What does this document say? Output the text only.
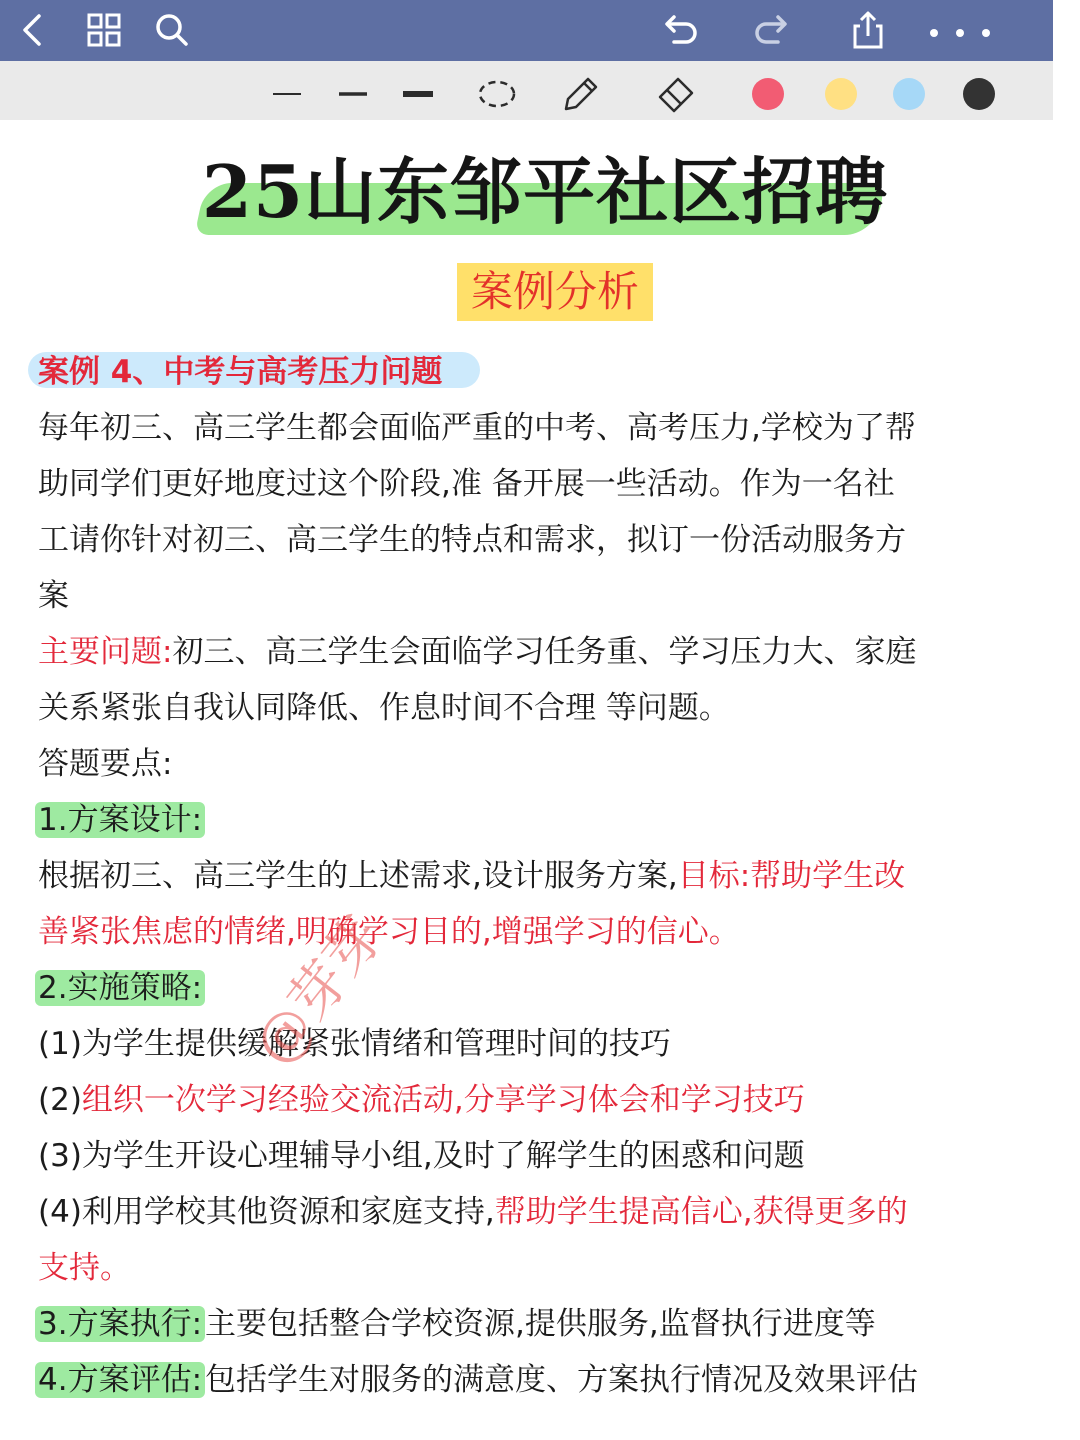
25山东邹平社区招聘
案例分析
案例 4、中考与高考压力问题
每年初三、高三学生都会面临严重的中考、高考压力,学校为了帮
助同学们更好地度过这个阶段,准 备开展一些活动。作为一名社
工请你针对初三、高三学生的特点和需求，拟订一份活动服务方
案
主要问题:初三、高三学生会面临学习任务重、学习压力大、家庭
关系紧张自我认同降低、作息时间不合理 等问题。
答题要点:
1.方案设计:
根据初三、高三学生的上述需求,设计服务方案,目标:帮助学生改
善紧张焦虑的情绪,明确学习目的,增强学习的信心。
2.实施策略:
(1)为学生提供缓解紧张情绪和管理时间的技巧
(2)组织一次学习经验交流活动,分享学习体会和学习技巧
(3)为学生开设心理辅导小组,及时了解学生的困惑和问题
(4)利用学校其他资源和家庭支持,帮助学生提高信心,获得更多的
支持。
3.方案执行:主要包括整合学校资源,提供服务,监督执行进度等
4.方案评估:包括学生对服务的满意度、方案执行情况及效果评估
@芽芽
